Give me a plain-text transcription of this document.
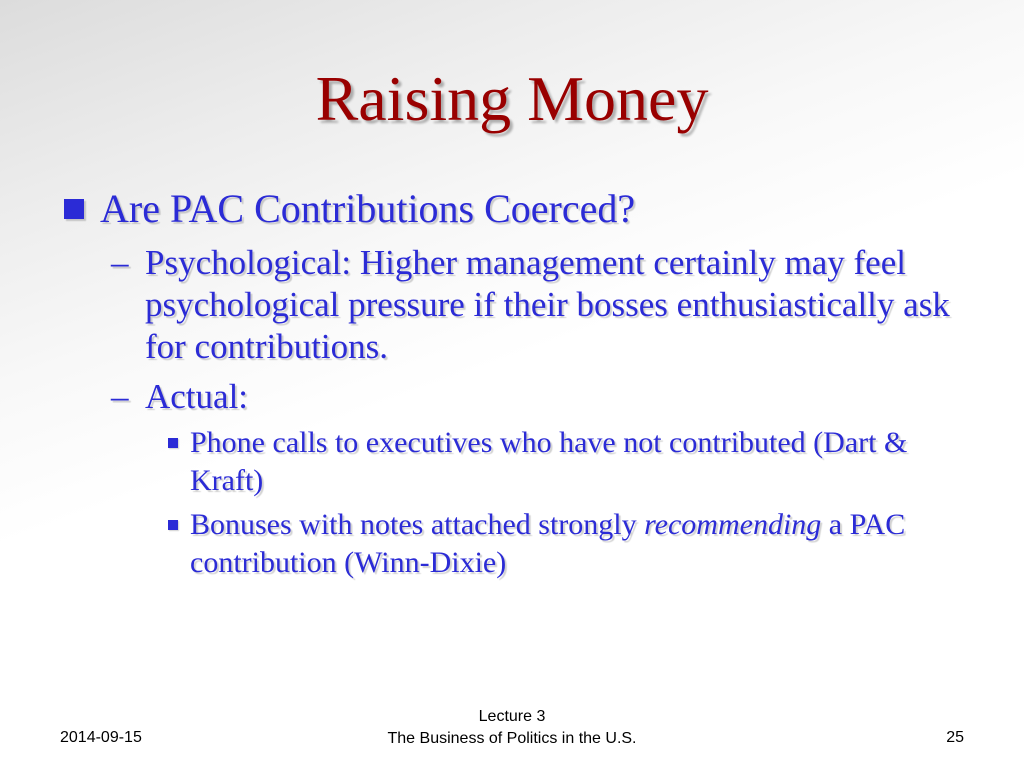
Raising Money
Are PAC Contributions Coerced?
– Psychological: Higher management certainly may feel psychological pressure if their bosses enthusiastically ask for contributions.
– Actual:
Phone calls to executives who have not contributed (Dart & Kraft)
Bonuses with notes attached strongly recommending a PAC contribution (Winn-Dixie)
2014-09-15
Lecture 3
The Business of Politics in the U.S.	25
